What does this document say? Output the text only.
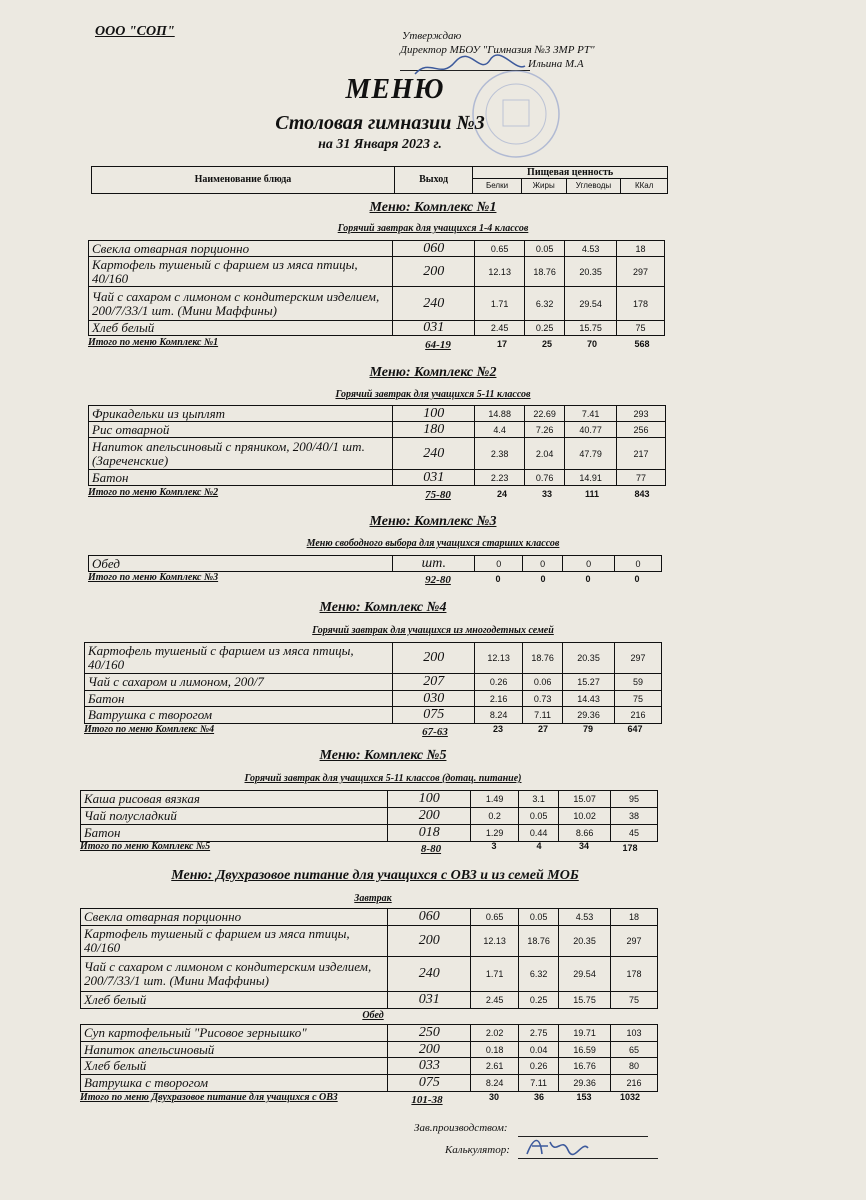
ООО "СОП"	Утверждаю
Директор МБОУ "Гимназия №3 ЗМР РТ"
Ильина М.А
МЕНЮ
Столовая гимназии №3
на 31 Января 2023 г.
Наименование блюда	Выход	Пищевая ценность			
		Белки	Жиры	Углеводы	ККал
Меню: Комплекс №1
Горячий завтрак для учащихся 1-4 классов
Свекла отварная порционно	060	0.65	0.05	4.53	18
Картофель тушеный с фаршем из мяса птицы, 40/160	200	12.13	18.76	20.35	297
Чай с сахаром с лимоном с кондитерским изделием, 200/7/33/1 шт. (Мини Маффины)	240	1.71	6.32	29.54	178
Хлеб белый	031	2.45	0.25	15.75	75
Итого по меню Комплекс №1	64-19	17	25	70	568
Меню: Комплекс №2
Горячий завтрак для учащихся 5-11 классов
Фрикадельки из цыплят	100	14.88	22.69	7.41	293
Рис отварной	180	4.4	7.26	40.77	256
Напиток апельсиновый с пряником, 200/40/1 шт. (Зареченские)	240	2.38	2.04	47.79	217
Батон	031	2.23	0.76	14.91	77
Итого по меню Комплекс №2	75-80	24	33	111	843
Меню: Комплекс №3
Меню свободного выбора для учащихся старших классов
Обед	шт.	0	0	0	0
Итого по меню Комплекс №3	92-80	0	0	0	0
Меню: Комплекс №4
Горячий завтрак для учащихся из многодетных семей
Картофель тушеный с фаршем из мяса птицы, 40/160	200	12.13	18.76	20.35	297
Чай с сахаром и лимоном, 200/7	207	0.26	0.06	15.27	59
Батон	030	2.16	0.73	14.43	75
Ватрушка с творогом	075	8.24	7.11	29.36	216
Итого по меню Комплекс №4	67-63	23	27	79	647
Меню: Комплекс №5
Горячий завтрак для учащихся 5-11 классов (дотац. питание)
Каша рисовая вязкая	100	1.49	3.1	15.07	95
Чай полусладкий	200	0.2	0.05	10.02	38
Батон	018	1.29	0.44	8.66	45
Итого по меню Комплекс №5	8-80	3	4	34	178
Меню: Двухразовое питание для учащихся с ОВЗ и из семей МОБ
Завтрак
Свекла отварная порционно	060	0.65	0.05	4.53	18
Картофель тушеный с фаршем из мяса птицы, 40/160	200	12.13	18.76	20.35	297
Чай с сахаром с лимоном с кондитерским изделием, 200/7/33/1 шт. (Мини Маффины)	240	1.71	6.32	29.54	178
Хлеб белый	031	2.45	0.25	15.75	75
Обед
Суп картофельный "Рисовое зернышко"	250	2.02	2.75	19.71	103
Напиток апельсиновый	200	0.18	0.04	16.59	65
Хлеб белый	033	2.61	0.26	16.76	80
Ватрушка с творогом	075	8.24	7.11	29.36	216
Итого по меню Двухразовое питание для учащихся с ОВЗ	101-38	30	36	153	1032
Зав.производством:
Калькулятор:
